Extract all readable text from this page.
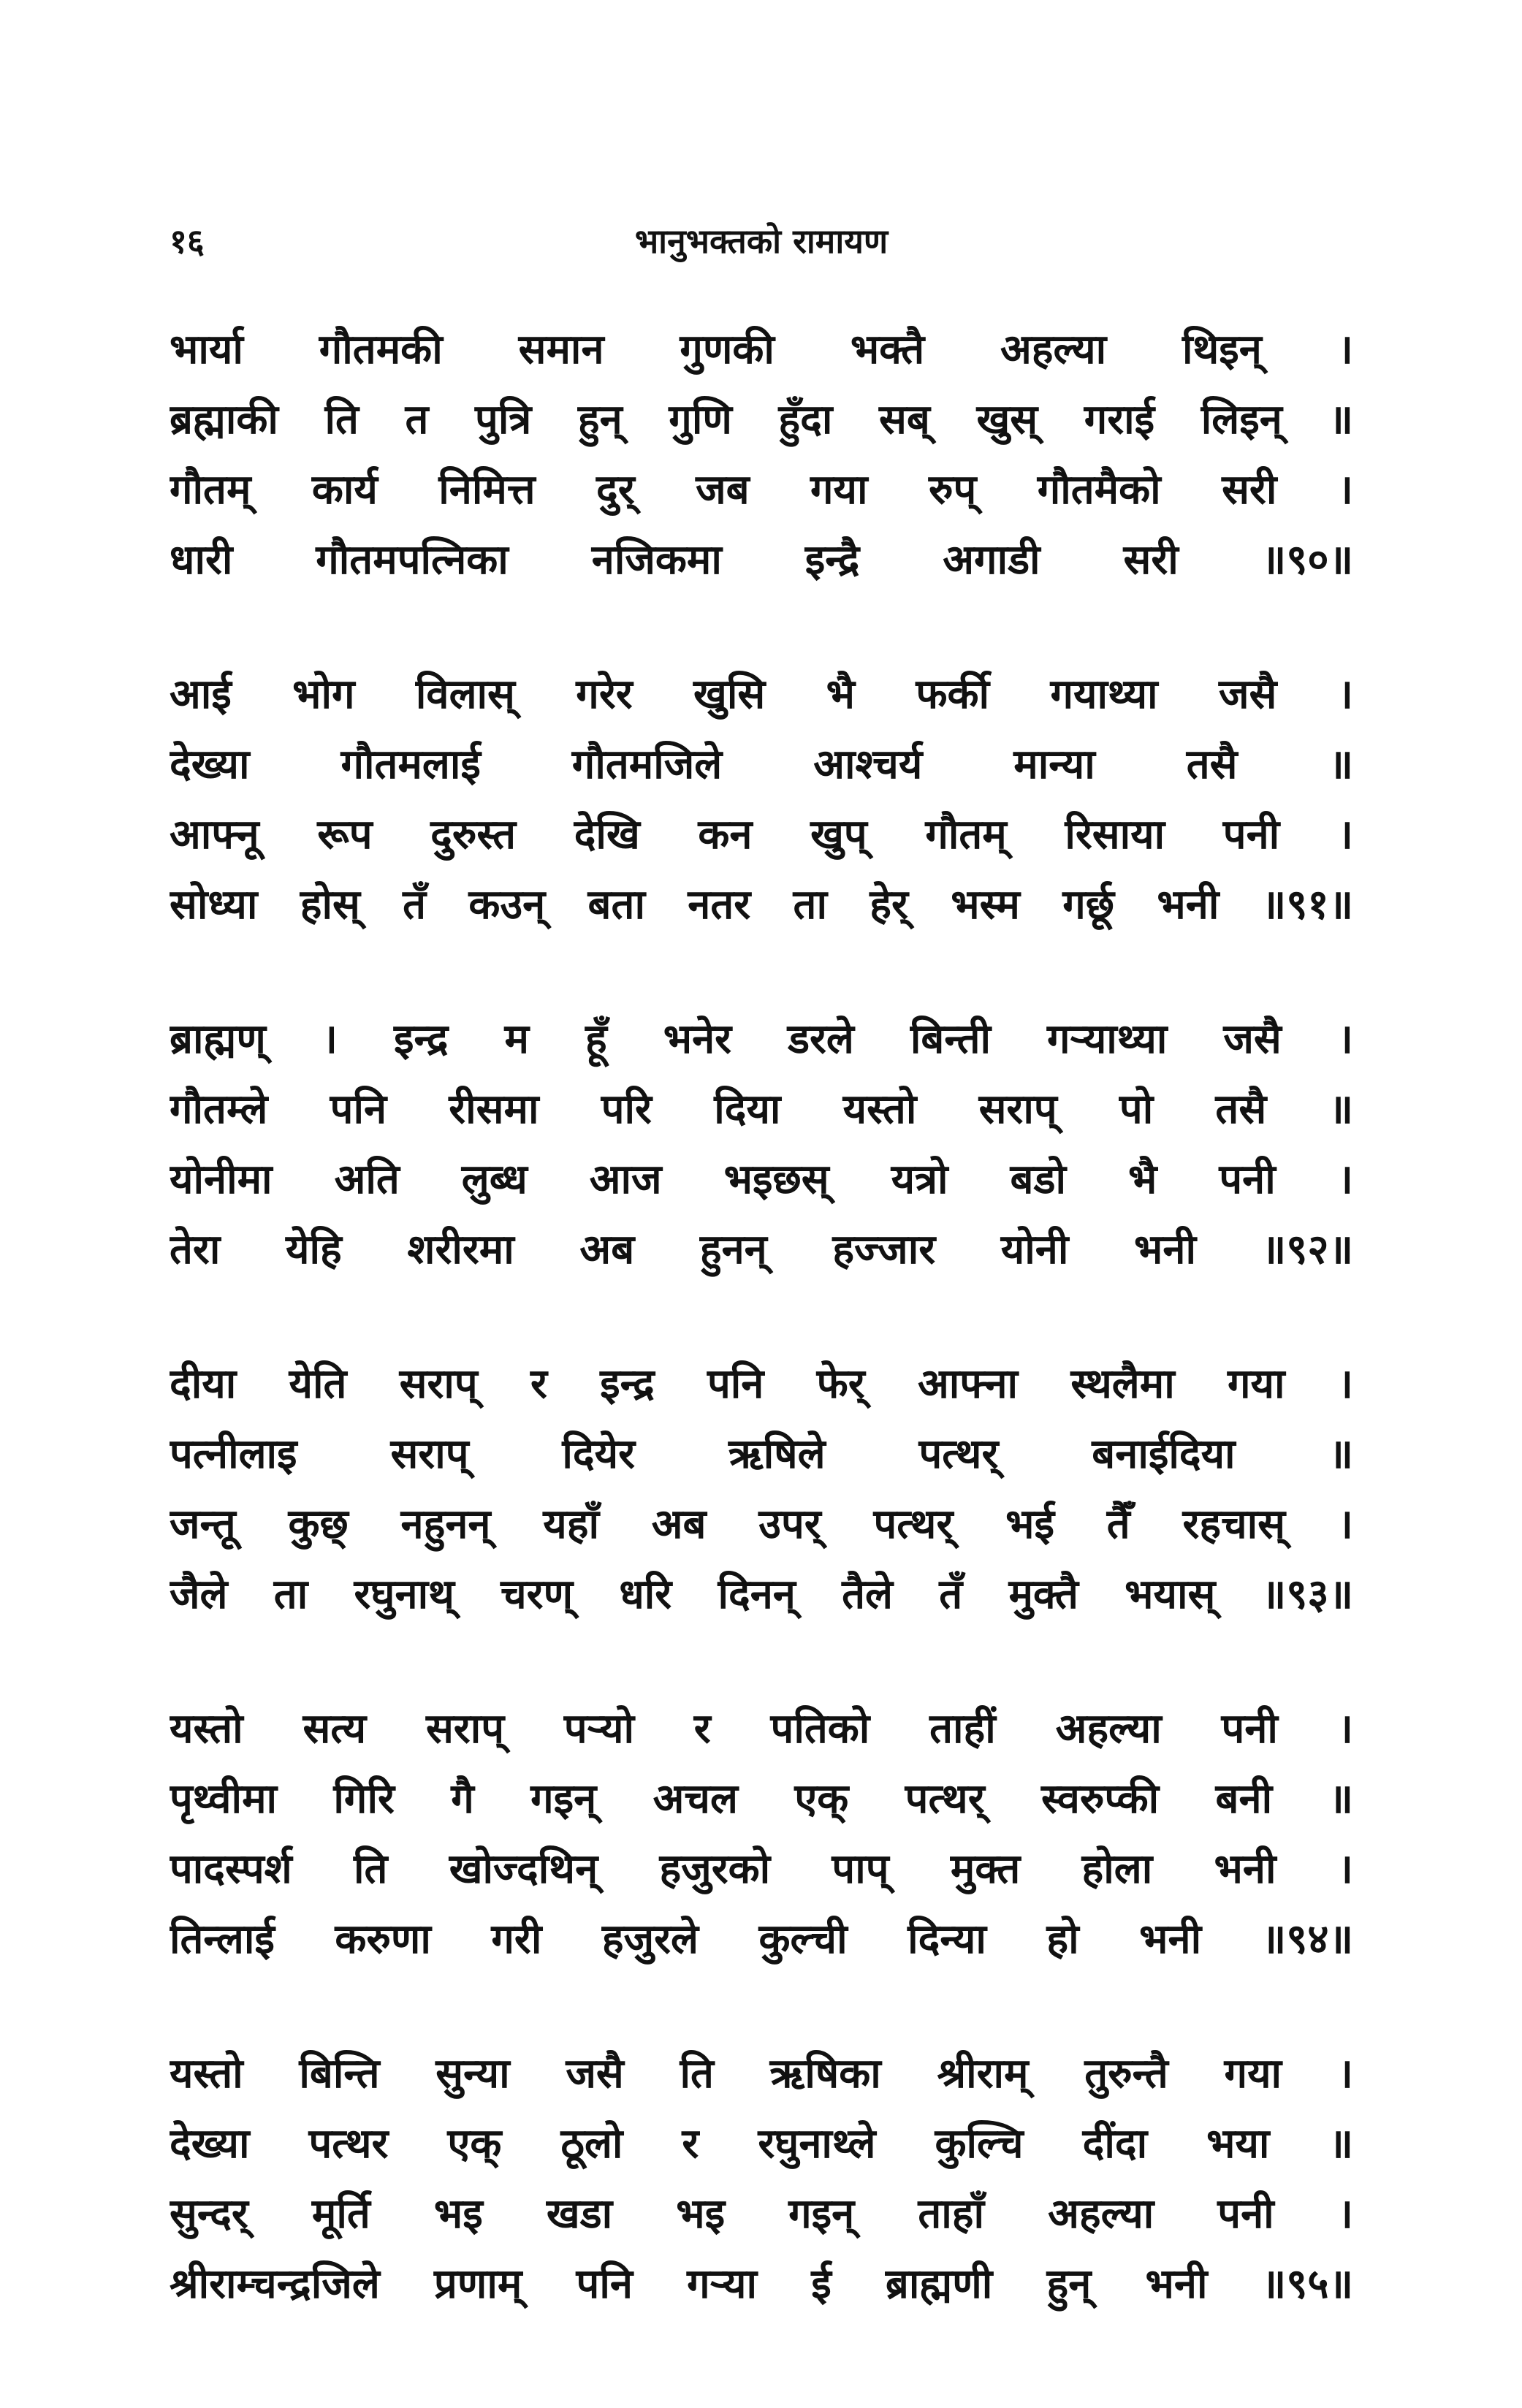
१६	भानुभक्तको रामायण
भार्या गौतमकी समान गुणकी भक्तै अहल्या थिइन् ।
ब्रह्माकी ति त पुत्रि हुन् गुणि हुँदा सब् खुस् गराई लिइन् ॥
गौतम् कार्य निमित्त दुर् जब गया रुप् गौतमैको सरी ।
धारी गौतमपत्निका नजिकमा इन्द्रै अगाडी सरी ॥९०॥
आई भोग विलास् गरेर खुसि भै फर्की गयाथ्या जसै ।
देख्या गौतमलाई गौतमजिले आश्चर्य मान्या तसै ॥
आफ्नू रूप दुरुस्त देखि कन खुप् गौतम् रिसाया पनी ।
सोध्या होस् तँ कउन् बता नतर ता हेर् भस्म गर्छू भनी ॥९१॥
ब्राह्मण् । इन्द्र म हूँ भनेर डरले बिन्ती गऱ्याथ्या जसै ।
गौतम्ले पनि रीसमा परि दिया यस्तो सराप् पो तसै ॥
योनीमा अति लुब्ध आज भइछस् यत्रो बडो भै पनी ।
तेरा येहि शरीरमा अब हुनन् हज्जार योनी भनी ॥९२॥
दीया येति सराप् र इन्द्र पनि फेर् आफ्ना स्थलैमा गया ।
पत्नीलाइ सराप् दियेर ऋषिले पत्थर् बनाईदिया ॥
जन्तू कुछ् नहुनन् यहाँ अब उपर् पत्थर् भई तैँ रहचास् ।
जैले ता रघुनाथ् चरण् धरि दिनन् तैले तँ मुक्तै भयास् ॥९३॥
यस्तो सत्य सराप् पऱ्यो र पतिको ताहीं अहल्या पनी ।
पृथ्वीमा गिरि गै गइन् अचल एक् पत्थर् स्वरुप्की बनी ॥
पादस्पर्श ति खोज्दथिन् हजुरको पाप् मुक्त होला भनी ।
तिन्लाई करुणा गरी हजुरले कुल्ची दिन्या हो भनी ॥९४॥
यस्तो बिन्ति सुन्या जसै ति ऋषिका श्रीराम् तुरुन्तै गया ।
देख्या पत्थर एक् ठूलो र रघुनाथ्ले कुल्चि दींदा भया ॥
सुन्दर् मूर्ति भइ खडा भइ गइन् ताहाँ अहल्या पनी ।
श्रीराम्चन्द्रजिले प्रणाम् पनि गऱ्या ई ब्राह्मणी हुन् भनी ॥९५॥
